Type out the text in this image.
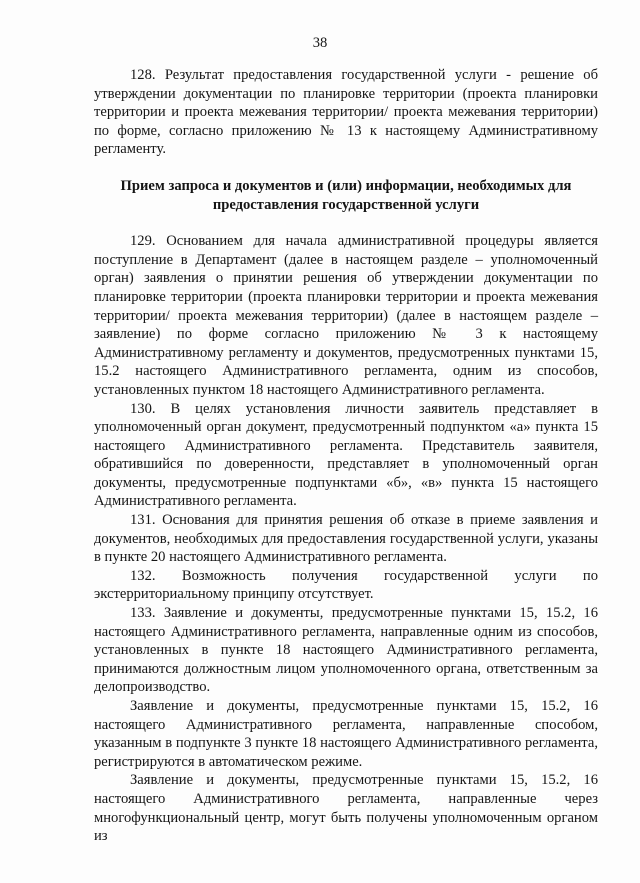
38

128. Результат предоставления государственной услуги - решение об утверждении документации по планировке территории (проекта планировки территории и проекта межевания территории/ проекта межевания территории) по форме, согласно приложению № 13 к настоящему Административному регламенту.

Прием запроса и документов и (или) информации, необходимых для предоставления государственной услуги

129. Основанием для начала административной процедуры является поступление в Департамент (далее в настоящем разделе – уполномоченный орган) заявления о принятии решения об утверждении документации по планировке территории (проекта планировки территории и проекта межевания территории/ проекта межевания территории) (далее в настоящем разделе – заявление) по форме согласно приложению № 3 к настоящему Административному регламенту и документов, предусмотренных пунктами 15, 15.2 настоящего Административного регламента, одним из способов, установленных пунктом 18 настоящего Административного регламента.

130. В целях установления личности заявитель представляет в уполномоченный орган документ, предусмотренный подпунктом «а» пункта 15 настоящего Административного регламента. Представитель заявителя, обратившийся по доверенности, представляет в уполномоченный орган документы, предусмотренные подпунктами «б», «в» пункта 15 настоящего Административного регламента.

131. Основания для принятия решения об отказе в приеме заявления и документов, необходимых для предоставления государственной услуги, указаны в пункте 20 настоящего Административного регламента.

132. Возможность получения государственной услуги по экстерриториальному принципу отсутствует.

133. Заявление и документы, предусмотренные пунктами 15, 15.2, 16 настоящего Административного регламента, направленные одним из способов, установленных в пункте 18 настоящего Административного регламента, принимаются должностным лицом уполномоченного органа, ответственным за делопроизводство.

Заявление и документы, предусмотренные пунктами 15, 15.2, 16 настоящего Административного регламента, направленные способом, указанным в подпункте 3 пункте 18 настоящего Административного регламента, регистрируются в автоматическом режиме.

Заявление и документы, предусмотренные пунктами 15, 15.2, 16 настоящего Административного регламента, направленные через многофункциональный центр, могут быть получены уполномоченным органом из
